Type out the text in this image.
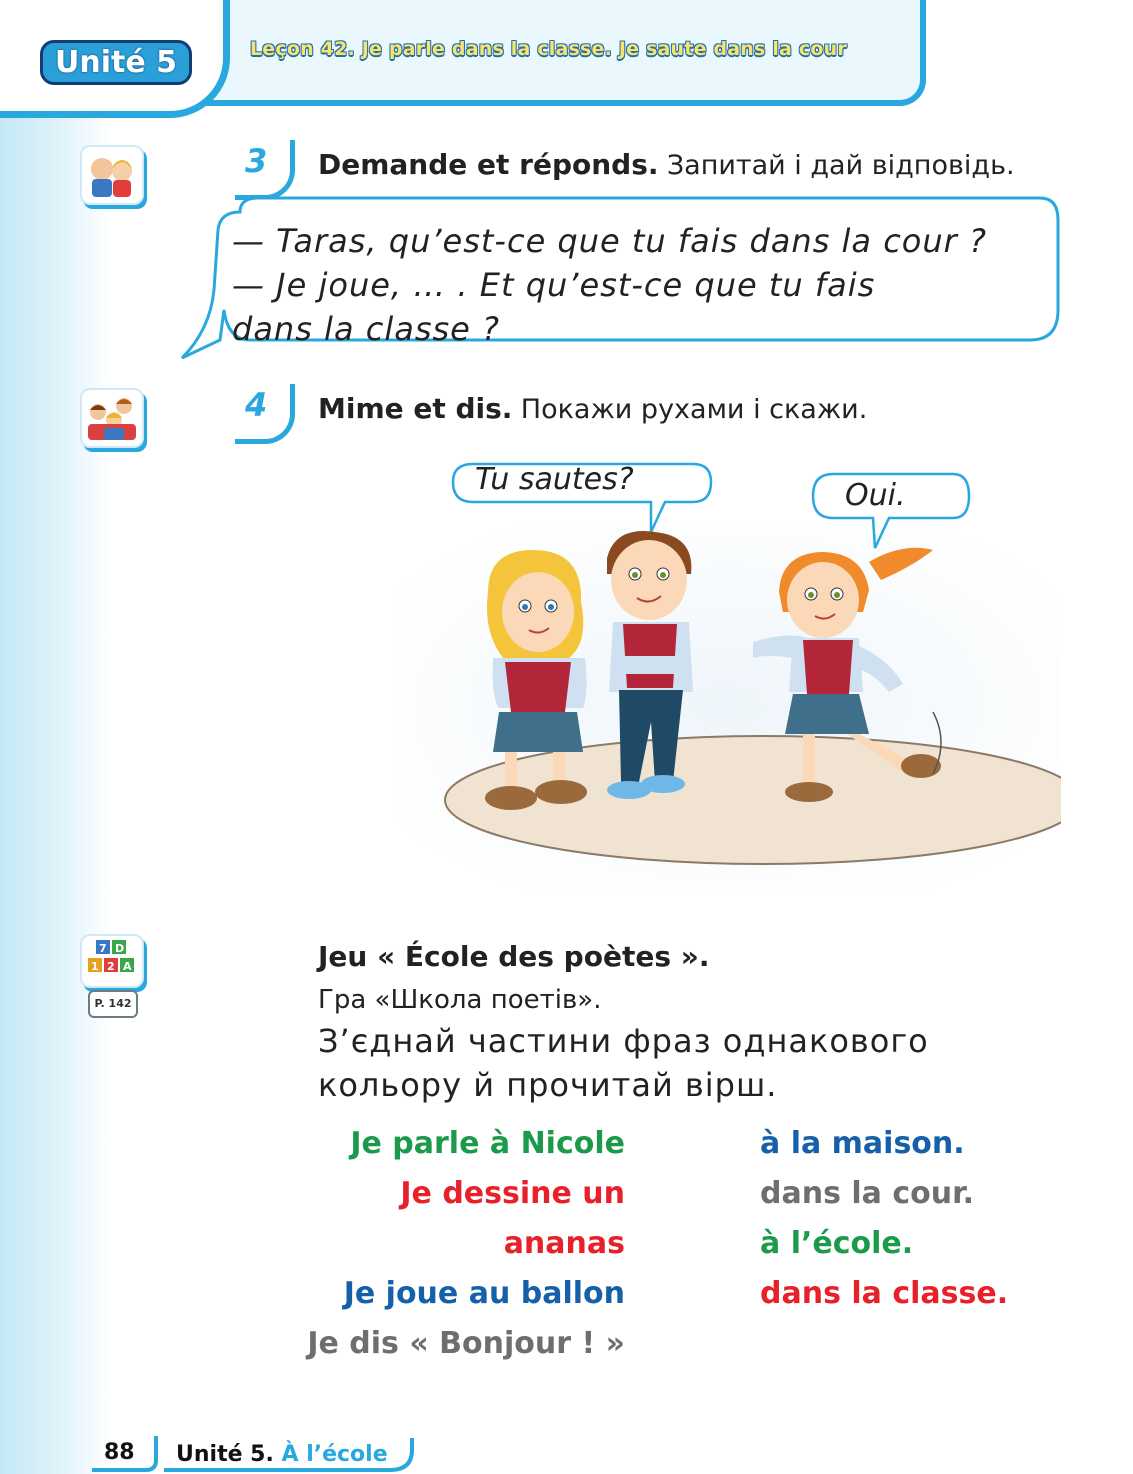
Unité 5	Leçon 42. Je parle dans la classe. Je saute dans la cour
3 Demande et réponds. Запитай і дай відповідь.
— Taras, qu’est-ce que tu fais dans la cour ?
— Je joue, … . Et qu’est-ce que tu fais
dans la classe ?
4 Mime et dis. Покажи рухами і скажи.
Tu sautes?	Oui.
7 D
1 2 A
P. 142
Jeu « École des poètes ».
Гра «Школа поетів».
З’єднай частини фраз однакового
кольору й прочитай вірш.
Je parle à Nicole
Je dessine un
ananas
Je joue au ballon
Je dis « Bonjour ! »
à la maison.
dans la cour.
à l’école.
dans la classe.
88 Unité 5. À l’école
